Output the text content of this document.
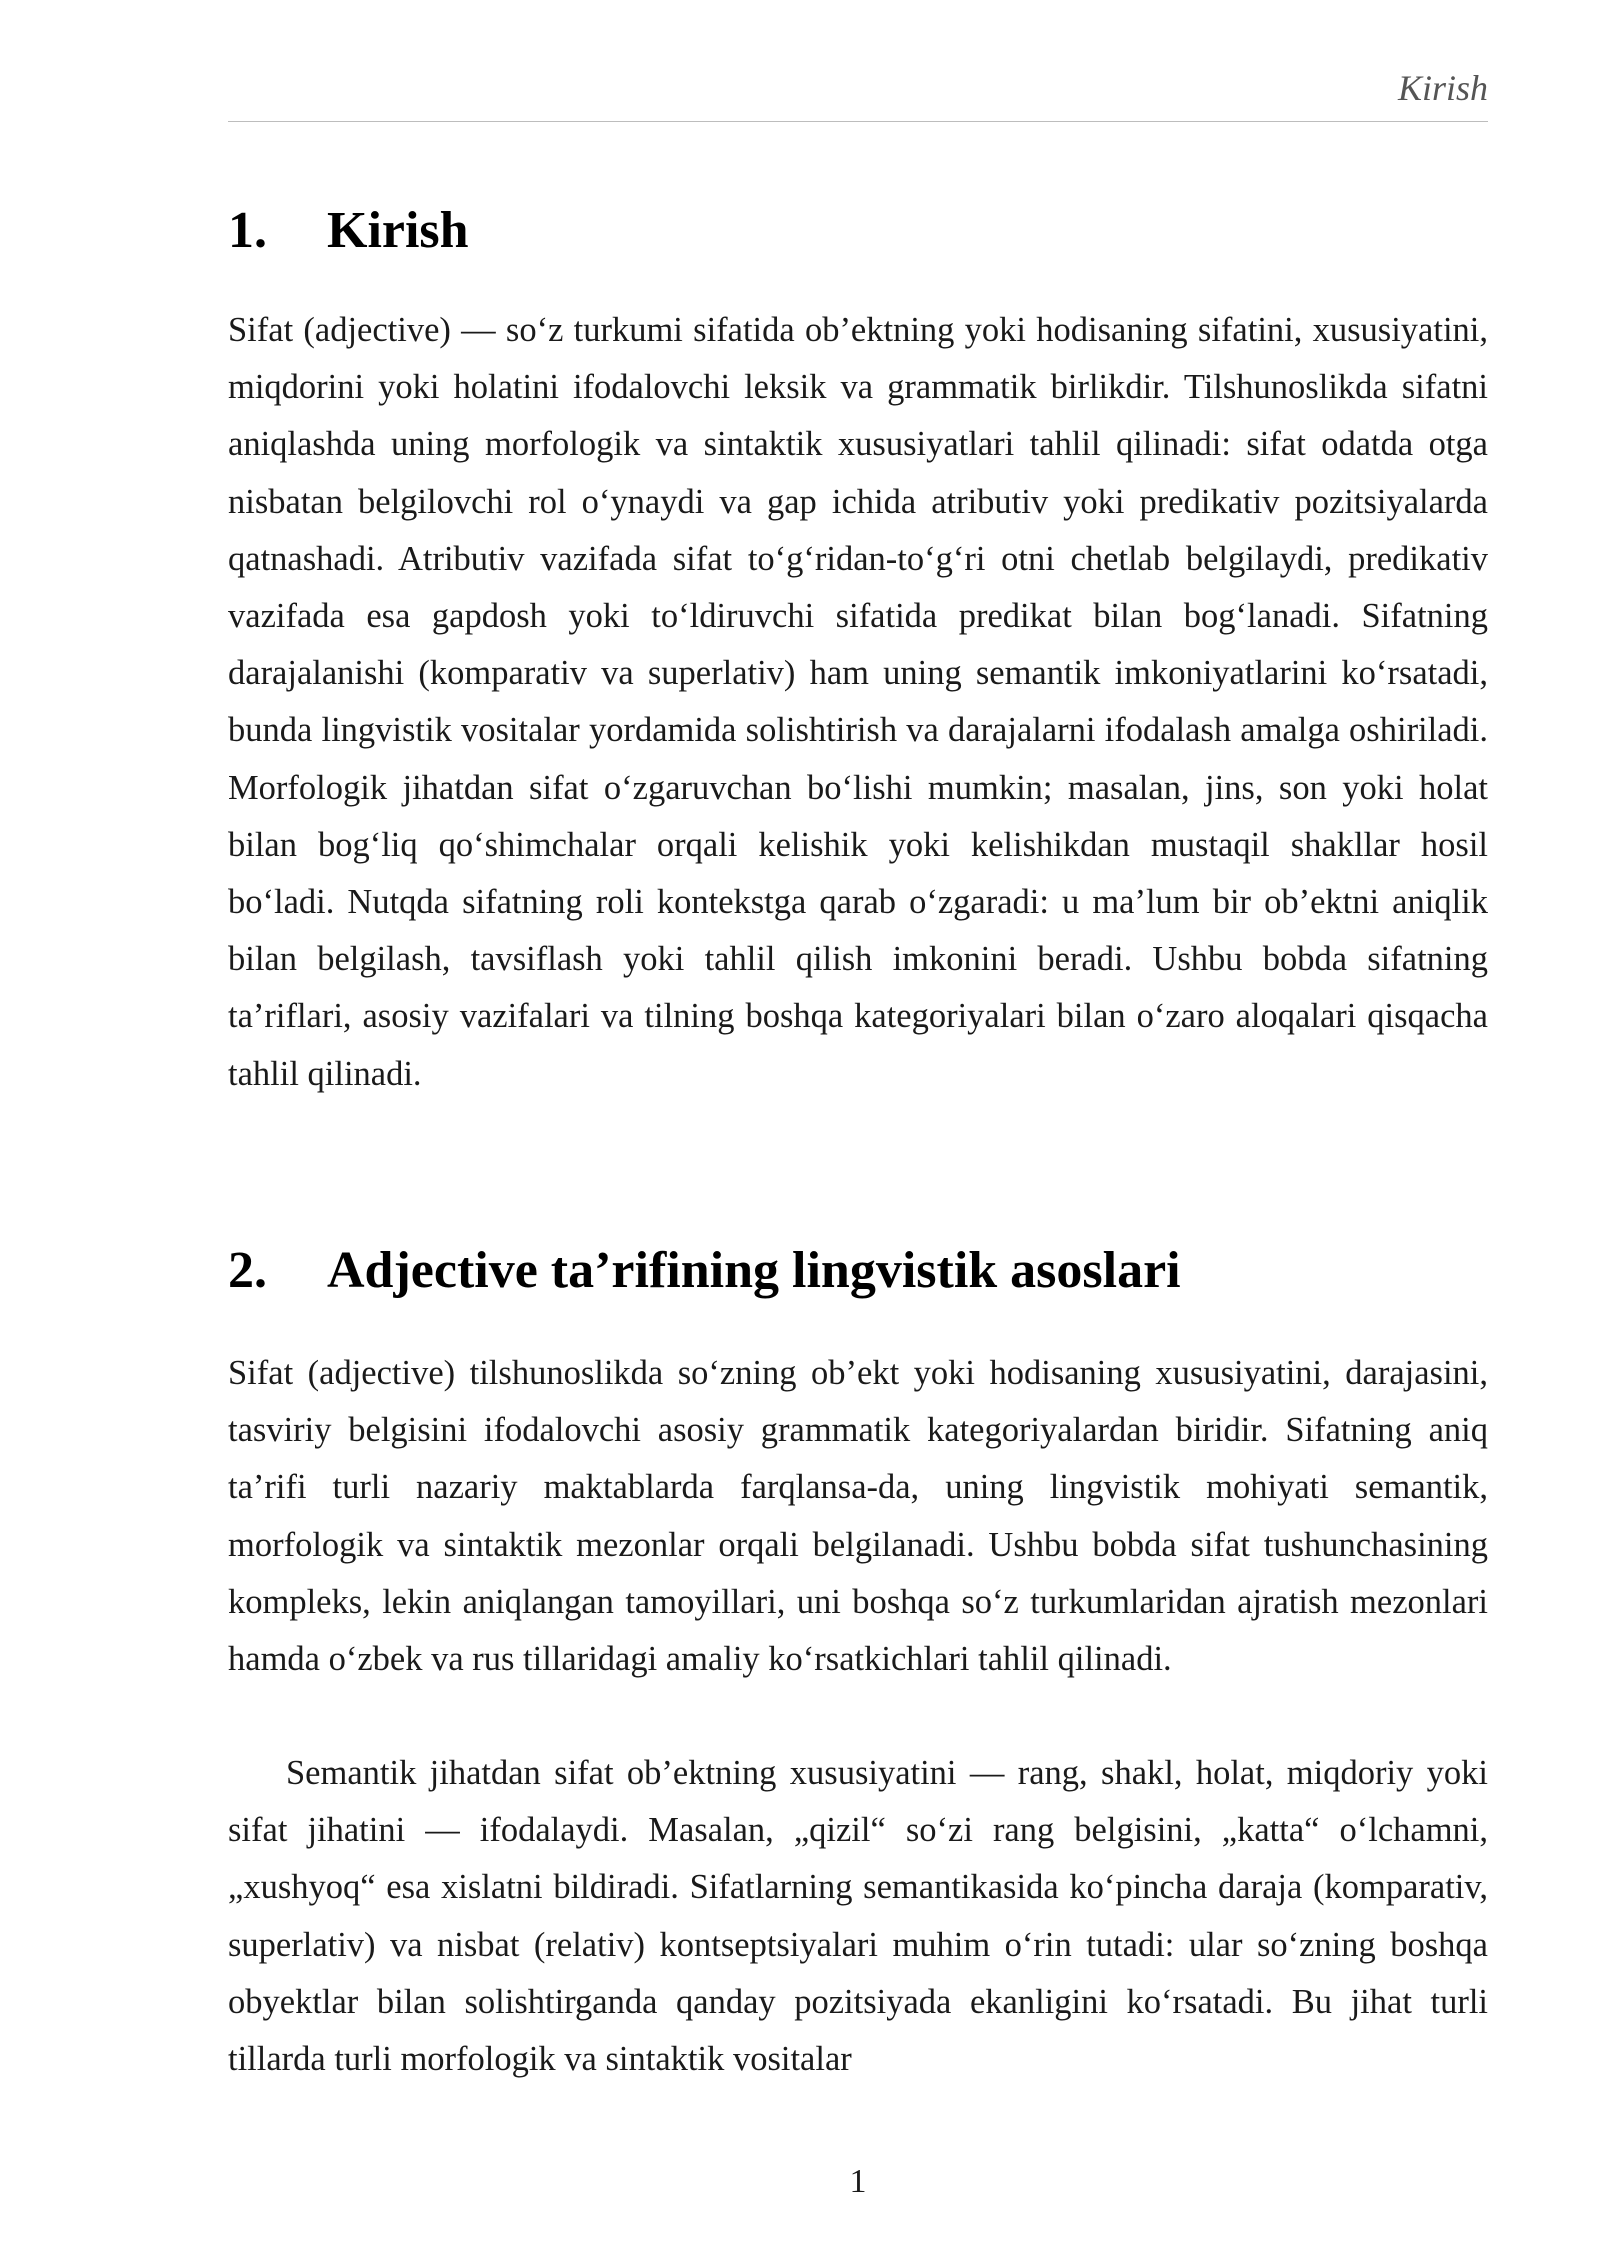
Kirish
1. Kirish

Sifat (adjective) — so‘z turkumi sifatida ob’ektning yoki hodisaning sifatini, xususiyatini, miqdorini yoki holatini ifodalovchi leksik va grammatik birlikdir. Tilshunoslikda sifatni aniqlashda uning morfologik va sintaktik xususiyatlari tahlil qilinadi: sifat odatda otga nisbatan belgilovchi rol o‘ynaydi va gap ichida atributiv yoki predikativ pozitsiyalarda qatnashadi. Atributiv vazifada sifat to‘g‘ridan-to‘g‘ri otni chetlab belgilaydi, predikativ vazifada esa gapdosh yoki to‘ldiruvchi sifatida predikat bilan bog‘lanadi. Sifatning darajalanishi (komparativ va superlativ) ham uning semantik imkoniyatlarini ko‘rsatadi, bunda lingvistik vositalar yordamida solishtirish va darajalarni ifodalash amalga oshiriladi. Morfologik jihatdan sifat o‘zgaruvchan bo‘lishi mumkin; masalan, jins, son yoki holat bilan bog‘liq qo‘shimchalar orqali kelishik yoki kelishikdan mustaqil shakllar hosil bo‘ladi. Nutqda sifatning roli kontekstga qarab o‘zgaradi: u ma’lum bir ob’ektni aniqlik bilan belgilash, tavsiflash yoki tahlil qilish imkonini beradi. Ushbu bobda sifatning ta’riflari, asosiy vazifalari va tilning boshqa kategoriyalari bilan o‘zaro aloqalari qisqacha tahlil qilinadi.

2. Adjective ta’rifining lingvistik asoslari

Sifat (adjective) tilshunoslikda so‘zning ob’ekt yoki hodisaning xususiyatini, darajasini, tasviriy belgisini ifodalovchi asosiy grammatik kategoriyalardan biridir. Sifatning aniq ta’rifi turli nazariy maktablarda farqlansa-da, uning lingvistik mohiyati semantik, morfologik va sintaktik mezonlar orqali belgilanadi. Ushbu bobda sifat tushunchasining kompleks, lekin aniqlangan tamoyillari, uni boshqa so‘z turkumlaridan ajratish mezonlari hamda o‘zbek va rus tillaridagi amaliy ko‘rsatkichlari tahlil qilinadi.

Semantik jihatdan sifat ob’ektning xususiyatini — rang, shakl, holat, miqdoriy yoki sifat jihatini — ifodalaydi. Masalan, „qizil“ so‘zi rang belgisini, „katta“ o‘lchamni, „xushyoq“ esa xislatni bildiradi. Sifatlarning semantikasida ko‘pincha daraja (komparativ, superlativ) va nisbat (relativ) kontseptsiyalari muhim o‘rin tutadi: ular so‘zning boshqa obyektlar bilan solishtirganda qanday pozitsiyada ekanligini ko‘rsatadi. Bu jihat turli tillarda turli morfologik va sintaktik vositalar

1
